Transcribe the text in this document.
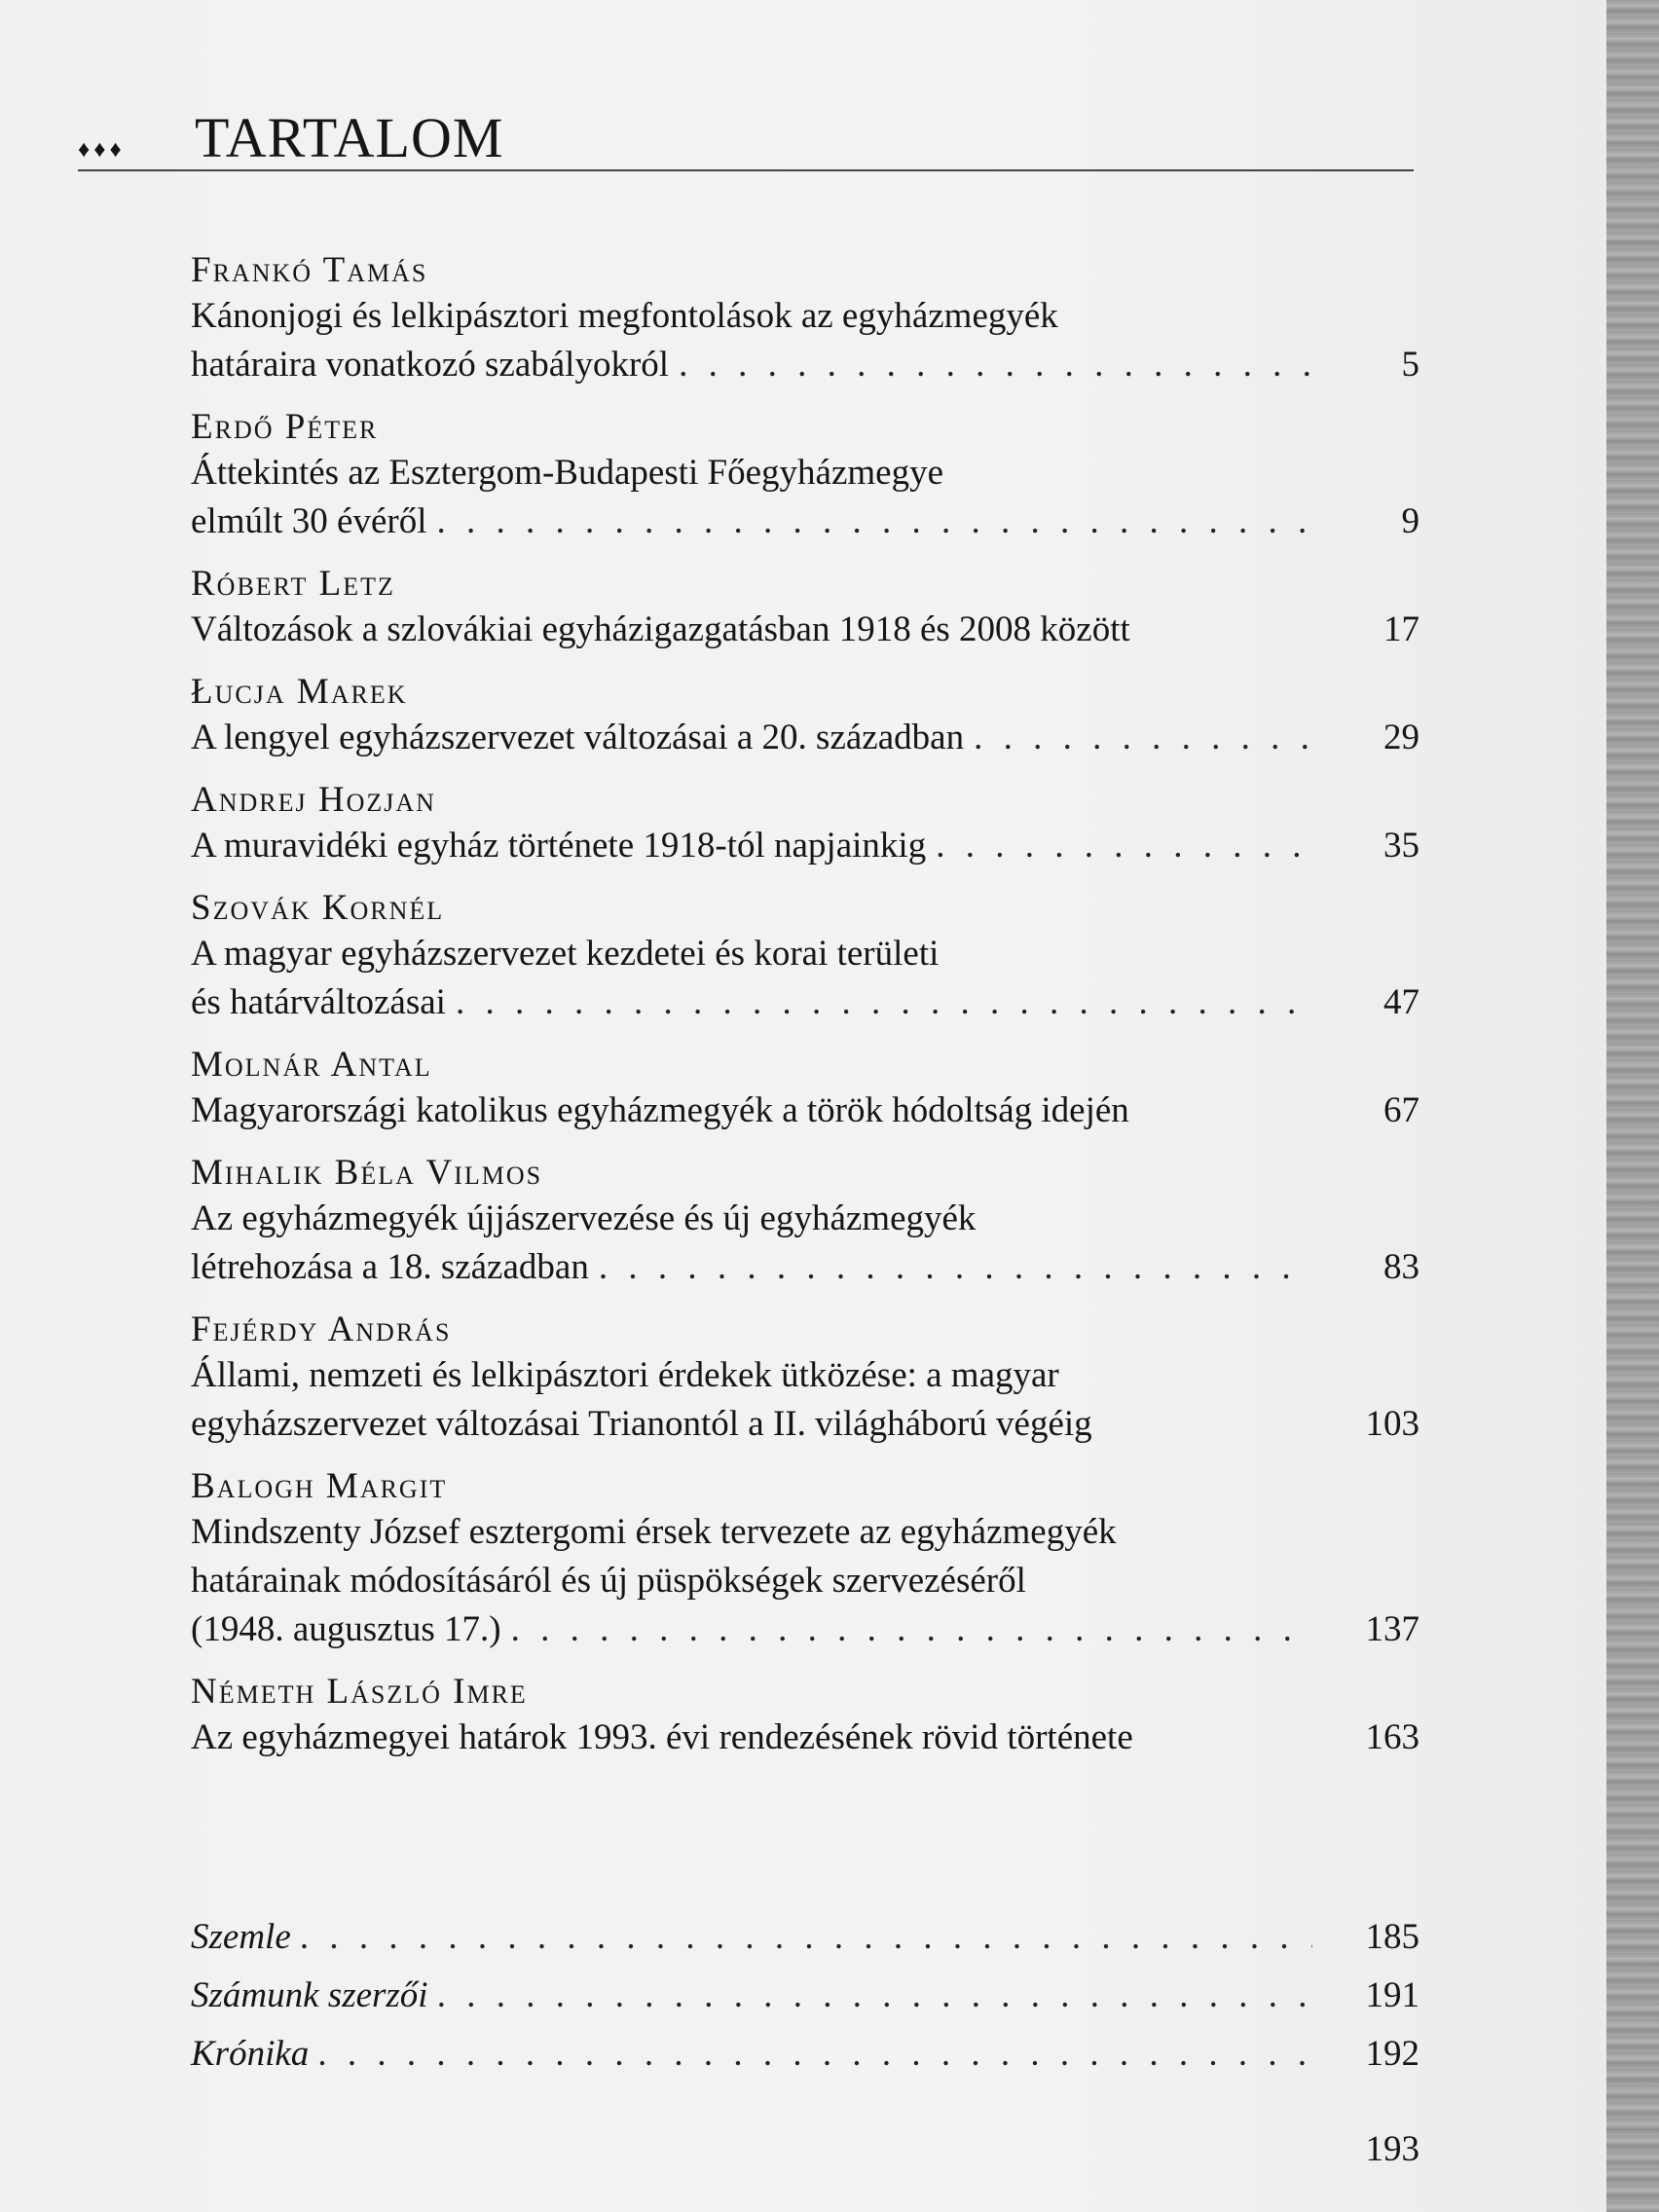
♦♦♦	TARTALOM
Frankó Tamás
Kánonjogi és lelkipásztori megfontolások az egyházmegyék
határaira vonatkozó szabályokról . . .	5
Erdő Péter
Áttekintés az Esztergom-Budapesti Főegyházmegye
elmúlt 30 évéről . . .	9
Róbert Letz
Változások a szlovákiai egyházigazgatásban 1918 és 2008 között	17
Łucja Marek
A lengyel egyházszervezet változásai a 20. században . . .	29
Andrej Hozjan
A muravidéki egyház története 1918-tól napjainkig . . .	35
Szovák Kornél
A magyar egyházszervezet kezdetei és korai területi
és határváltozásai . . .	47
Molnár Antal
Magyarországi katolikus egyházmegyék a török hódoltság idején	67
Mihalik Béla Vilmos
Az egyházmegyék újjászervezése és új egyházmegyék
létrehozása a 18. században . . .	83
Fejérdy András
Állami, nemzeti és lelkipásztori érdekek ütközése: a magyar
egyházszervezet változásai Trianontól a II. világháború végéig	103
Balogh Margit
Mindszenty József esztergomi érsek tervezete az egyházmegyék
határainak módosításáról és új püspökségek szervezéséről
(1948. augusztus 17.) . . .	137
Németh László Imre
Az egyházmegyei határok 1993. évi rendezésének rövid története	163
Szemle . . .	185
Számunk szerzői . . .	191
Krónika . . .	192
193
